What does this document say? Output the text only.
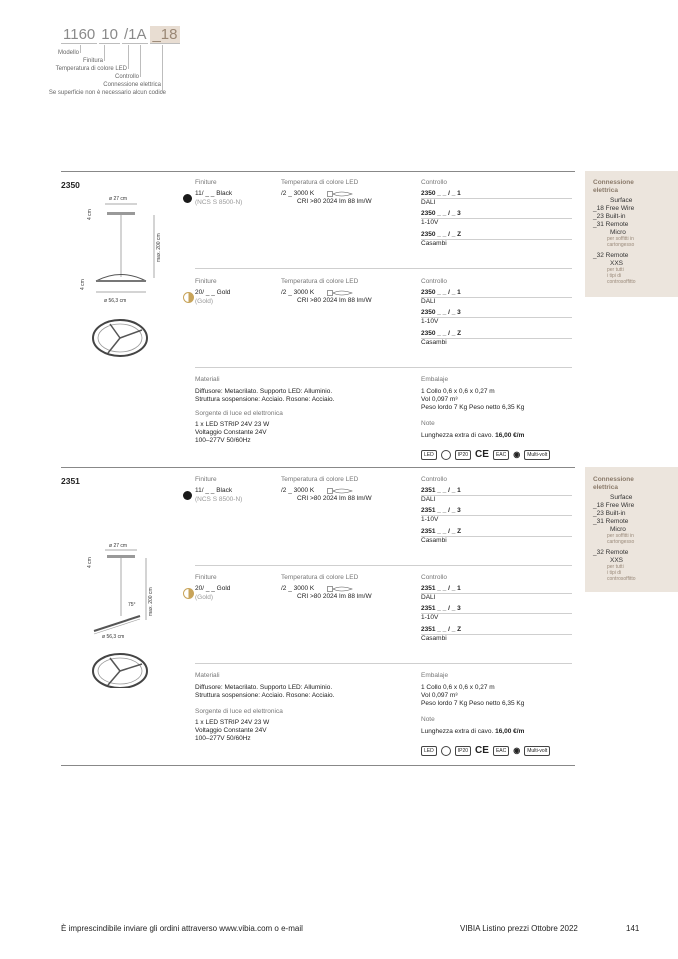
1160 10 /1A _18
Modello
Finitura
Temperatura di colore LED
Controllo
Connessione elettrica
Se superficie non è necessario alcun codice
2350
ø 27 cm
4 cm
max. 200 cm
4 cm
ø 56,3 cm
Finiture
11/ _ _ Black
(NCS S 8500-N)
Temperatura di colore LED
/2 _ 3000 K
CRI >80 2024 lm 88 lm/W
Controllo
2350 _ _ / _ 1
DALI
2350 _ _ / _ 3
1-10V
2350 _ _ / _ Z
Casambi
Finiture
20/ _ _ Gold
(Gold)
Temperatura di colore LED
/2 _ 3000 K
CRI >80 2024 lm 88 lm/W
Controllo
2350 _ _ / _ 1
DALI
2350 _ _ / _ 3
1-10V
2350 _ _ / _ Z
Casambi
Materiali
Diffusore: Metacrilato. Supporto LED: Alluminio.
Struttura sospensione: Acciaio. Rosone: Acciaio.
Sorgente di luce ed elettronica
1 x LED STRIP 24V 23 W
Voltaggio Constante 24V
100–277V 50/60Hz
Embalaje
1 Collo 0,6 x 0,6 x 0,27 m
Vol 0,097 m³
Peso lordo 7 Kg Peso netto 6,35 Kg
Note
Lunghezza extra di cavo. 16,00 €/m
LED	IP20 CE	EAC ◉	Multi-volt
Connessione elettrica
Surface
_18 Free Wire
_23 Built-in
_31 Remote
Micro
per soffitti in
cartongesso
_32 Remote
XXS
per tutti
i tipi di
controsoffitto
2351
ø 27 cm
4 cm
max. 200 cm
75°
ø 56,3 cm
Finiture
11/ _ _ Black
(NCS S 8500-N)
Temperatura di colore LED
/2 _ 3000 K
CRI >80 2024 lm 88 lm/W
Controllo
2351 _ _ / _ 1
DALI
2351 _ _ / _ 3
1-10V
2351 _ _ / _ Z
Casambi
Finiture
20/ _ _ Gold
(Gold)
Temperatura di colore LED
/2 _ 3000 K
CRI >80 2024 lm 88 lm/W
Controllo
2351 _ _ / _ 1
DALI
2351 _ _ / _ 3
1-10V
2351 _ _ / _ Z
Casambi
Materiali
Diffusore: Metacrilato. Supporto LED: Alluminio.
Struttura sospensione: Acciaio. Rosone: Acciaio.
Sorgente di luce ed elettronica
1 x LED STRIP 24V 23 W
Voltaggio Constante 24V
100–277V 50/60Hz
Embalaje
1 Collo 0,6 x 0,6 x 0,27 m
Vol 0,097 m³
Peso lordo 7 Kg Peso netto 6,35 Kg
Note
Lunghezza extra di cavo. 16,00 €/m
LED	IP20 CE	EAC ◉	Multi-volt
Connessione elettrica
Surface
_18 Free Wire
_23 Built-in
_31 Remote
Micro
per soffitti in
cartongesso
_32 Remote
XXS
per tutti
i tipi di
controsoffitto
È imprescindibile inviare gli ordini attraverso www.vibia.com o e-mail	VIBIA Listino prezzi Ottobre 2022	141
